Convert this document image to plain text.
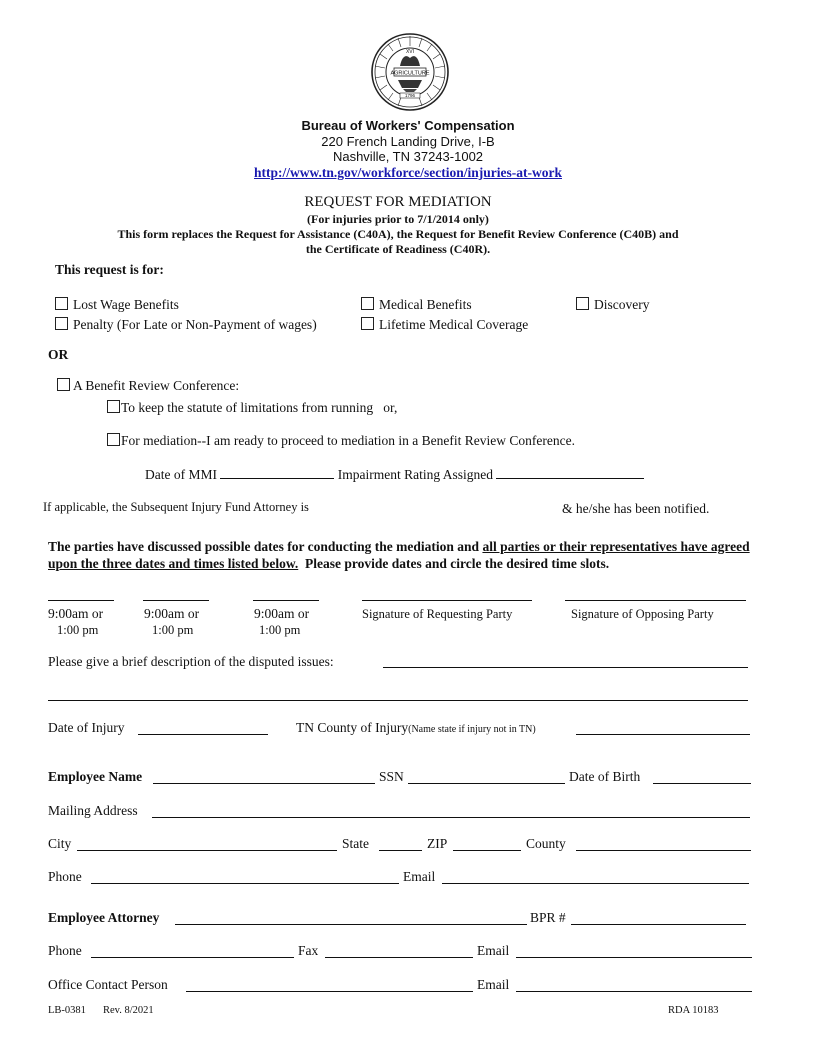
AGRICULTURE
1796
XVI
Bureau of Workers' Compensation
220 French Landing Drive, I-B
Nashville, TN 37243-1002
http://www.tn.gov/workforce/section/injuries-at-work
REQUEST FOR MEDIATION
(For injuries prior to 7/1/2014 only)
This form replaces the Request for Assistance (C40A), the Request for Benefit Review Conference (C40B) and
the Certificate of Readiness (C40R).
This request is for:
Lost Wage Benefits	Medical Benefits	Discovery
Penalty (For Late or Non-Payment of wages)	Lifetime Medical Coverage
OR
A Benefit Review Conference:
To keep the statute of limitations from running   or,
For mediation--I am ready to proceed to mediation in a Benefit Review Conference.
Date of MMI	Impairment Rating Assigned
If applicable, the Subsequent Injury Fund Attorney is	& he/she has been notified.
The parties have discussed possible dates for conducting the mediation and all parties or their representatives have agreed upon the three dates and times listed below.  Please provide dates and circle the desired time slots.
9:00am or
1:00 pm
9:00am or
1:00 pm
9:00am or
1:00 pm
Signature of Requesting Party	Signature of Opposing Party
Please give a brief description of the disputed issues:
Date of Injury	TN County of Injury(Name state if injury not in TN)
Employee Name	SSN	Date of Birth
Mailing Address
City	State	ZIP	County
Phone	Email
Employee Attorney	BPR #
Phone	Fax	Email
Office Contact Person	Email
LB-0381 Rev. 8/2021	RDA 10183
